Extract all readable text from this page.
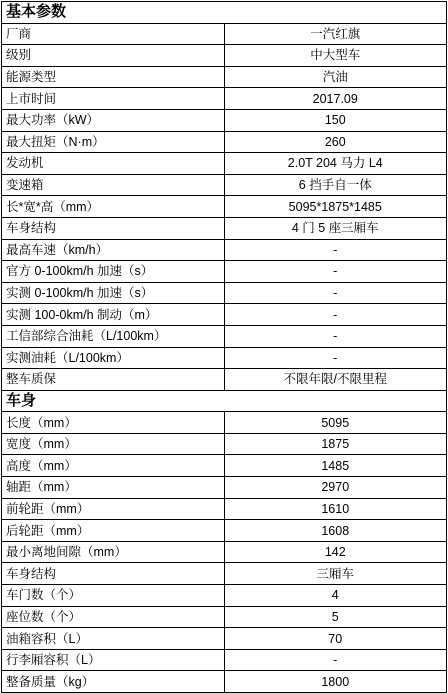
基本参数	
厂商	一汽红旗
级别	中大型车
能源类型	汽油
上市时间	2017.09
最大功率（kW）	150
最大扭矩（N·m）	260
发动机	2.0T 204 马力 L4
变速箱	6 挡手自一体
长*宽*高（mm）	5095*1875*1485
车身结构	4 门 5 座三厢车
最高车速（km/h）	-
官方 0-100km/h 加速（s）	-
实测 0-100km/h 加速（s）	-
实测 100-0km/h 制动（m）	-
工信部综合油耗（L/100km）	-
实测油耗（L/100km）	-
整车质保	不限年限/不限里程
车身	
长度（mm）	5095
宽度（mm）	1875
高度（mm）	1485
轴距（mm）	2970
前轮距（mm）	1610
后轮距（mm）	1608
最小离地间隙（mm）	142
车身结构	三厢车
车门数（个）	4
座位数（个）	5
油箱容积（L）	70
行李厢容积（L）	-
整备质量（kg）	1800
